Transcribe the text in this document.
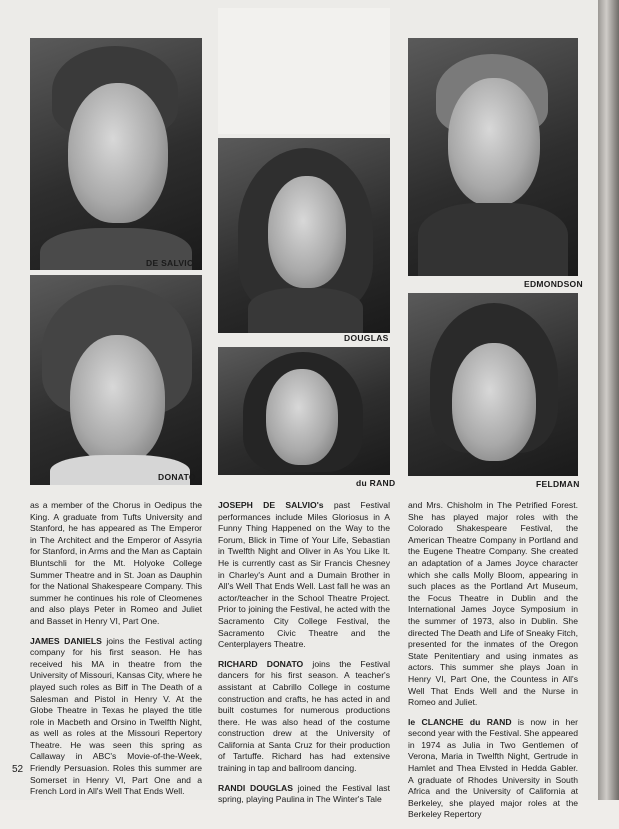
DE SALVIO
DONATO
DOUGLAS
du RAND
EDMONDSON
FELDMAN

as a member of the Chorus in Oedipus the King. A graduate from Tufts University and Stanford, he has appeared as The Emperor in The Architect and the Emperor of Assyria for Stanford, in Arms and the Man as Captain Bluntschli for the Mt. Holyoke College Summer Theatre and in St. Joan as Dauphin for the National Shakespeare Company. This summer he continues his role of Cleomenes and also plays Peter in Romeo and Juliet and Basset in Henry VI, Part One.

JAMES DANIELS joins the Festival acting company for his first season. He has received his MA in theatre from the University of Missouri, Kansas City, where he played such roles as Biff in The Death of a Salesman and Pistol in Henry V. At the Globe Theatre in Texas he played the title role in Macbeth and Orsino in Twelfth Night, as well as roles at the Missouri Repertory Theatre. He was seen this spring as Callaway in ABC's Movie-of-the-Week, Friendly Persuasion. Roles this summer are Somerset in Henry VI, Part One and a French Lord in All's Well That Ends Well.

JOSEPH DE SALVIO's past Festival performances include Miles Gloriosus in A Funny Thing Happened on the Way to the Forum, Blick in Time of Your Life, Sebastian in Twelfth Night and Oliver in As You Like It. He is currently cast as Sir Francis Chesney in Charley's Aunt and a Dumain Brother in All's Well That Ends Well. Last fall he was an actor/teacher in the School Theatre Project. Prior to joining the Festival, he acted with the Sacramento City College Festival, the Sacramento Civic Theatre and the Centerplayers Theatre.

RICHARD DONATO joins the Festival dancers for his first season. A teacher's assistant at Cabrillo College in costume construction and crafts, he has acted in and built costumes for numerous productions there. He was also head of the costume construction drew at the University of California at Santa Cruz for their production of Tartuffe. Richard has had extensive training in tap and ballroom dancing.

RANDI DOUGLAS joined the Festival last spring, playing Paulina in The Winter's Tale

and Mrs. Chisholm in The Petrified Forest. She has played major roles with the Colorado Shakespeare Festival, the American Theatre Company in Portland and the Eugene Theatre Company. She created an adaptation of a James Joyce character which she calls Molly Bloom, appearing in such places as the Portland Art Museum, the Focus Theatre in Dublin and the International James Joyce Symposium in the summer of 1973, also in Dublin. She directed The Death and Life of Sneaky Fitch, presented for the inmates of the Oregon State Penitentiary and using inmates as actors. This summer she plays Joan in Henry VI, Part One, the Countess in All's Well That Ends Well and the Nurse in Romeo and Juliet.

le CLANCHE du RAND is now in her second year with the Festival. She appeared in 1974 as Julia in Two Gentlemen of Verona, Maria in Twelfth Night, Gertrude in Hamlet and Thea Elvsted in Hedda Gabler. A graduate of Rhodes University in South Africa and the University of California at Berkeley, she played major roles at the Berkeley Repertory

52
